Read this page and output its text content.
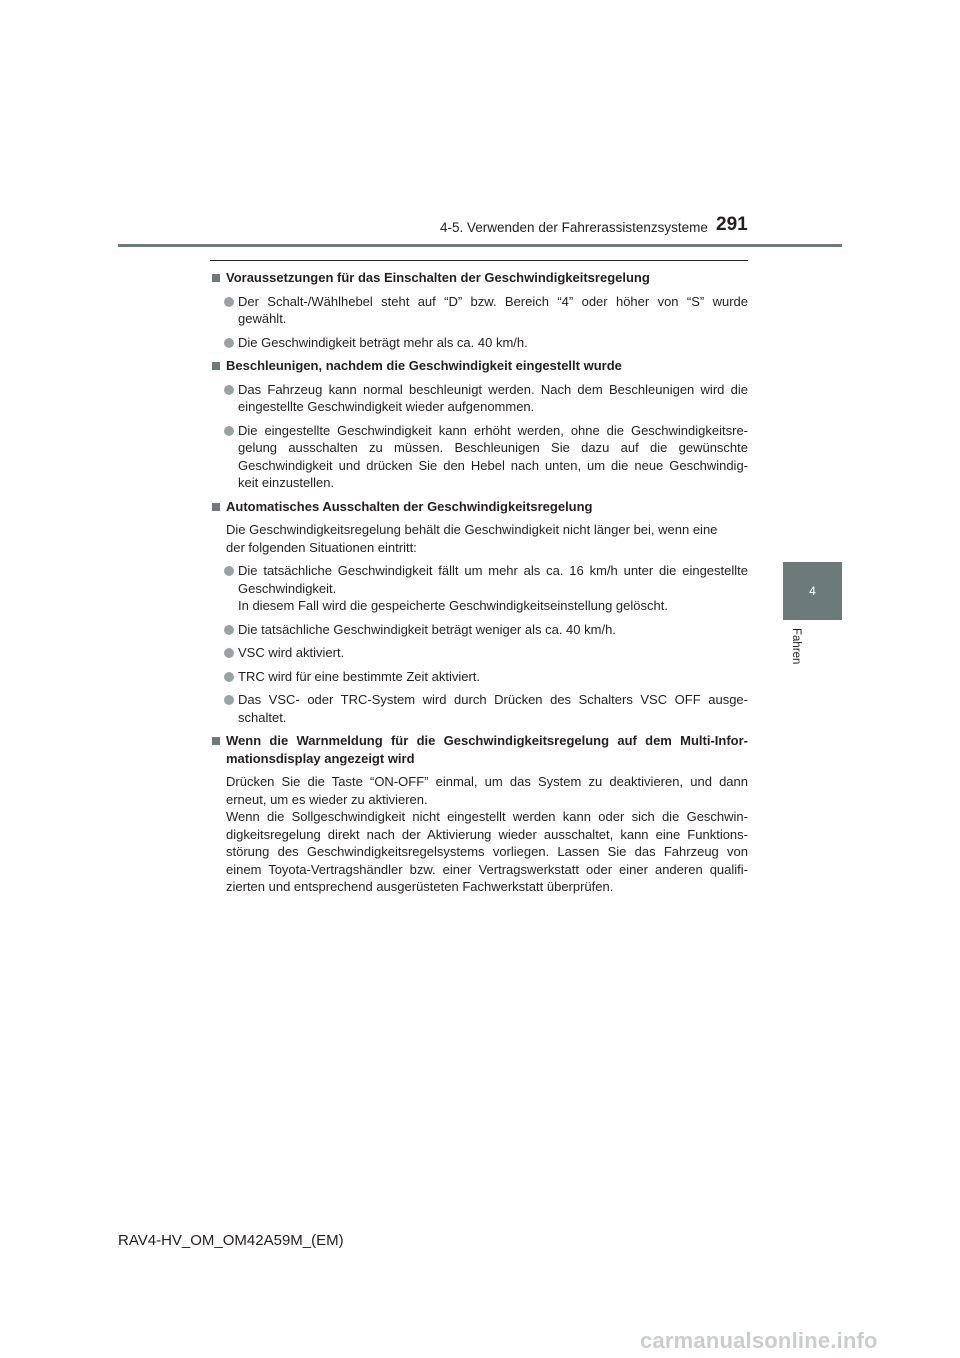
4-5. Verwenden der Fahrerassistenzsysteme 291
4
Fahren
Voraussetzungen für das Einschalten der Geschwindigkeitsregelung
Der Schalt-/Wählhebel steht auf “D” bzw. Bereich “4” oder höher von “S” wurde
gewählt.
Die Geschwindigkeit beträgt mehr als ca. 40 km/h.
Beschleunigen, nachdem die Geschwindigkeit eingestellt wurde
Das Fahrzeug kann normal beschleunigt werden. Nach dem Beschleunigen wird die
eingestellte Geschwindigkeit wieder aufgenommen.
Die eingestellte Geschwindigkeit kann erhöht werden, ohne die Geschwindigkeitsre-
gelung ausschalten zu müssen. Beschleunigen Sie dazu auf die gewünschte
Geschwindigkeit und drücken Sie den Hebel nach unten, um die neue Geschwindig-
keit einzustellen.
Automatisches Ausschalten der Geschwindigkeitsregelung
Die Geschwindigkeitsregelung behält die Geschwindigkeit nicht länger bei, wenn eine
der folgenden Situationen eintritt:
Die tatsächliche Geschwindigkeit fällt um mehr als ca. 16 km/h unter die eingestellte
Geschwindigkeit.
In diesem Fall wird die gespeicherte Geschwindigkeitseinstellung gelöscht.
Die tatsächliche Geschwindigkeit beträgt weniger als ca. 40 km/h.
VSC wird aktiviert.
TRC wird für eine bestimmte Zeit aktiviert.
Das VSC- oder TRC-System wird durch Drücken des Schalters VSC OFF ausge-
schaltet.
Wenn die Warnmeldung für die Geschwindigkeitsregelung auf dem Multi-Infor-
mationsdisplay angezeigt wird
Drücken Sie die Taste “ON-OFF” einmal, um das System zu deaktivieren, und dann
erneut, um es wieder zu aktivieren.
Wenn die Sollgeschwindigkeit nicht eingestellt werden kann oder sich die Geschwin-
digkeitsregelung direkt nach der Aktivierung wieder ausschaltet, kann eine Funktions-
störung des Geschwindigkeitsregelsystems vorliegen. Lassen Sie das Fahrzeug von
einem Toyota-Vertragshändler bzw. einer Vertragswerkstatt oder einer anderen qualifi-
zierten und entsprechend ausgerüsteten Fachwerkstatt überprüfen.
RAV4-HV_OM_OM42A59M_(EM)
carmanualsonline.info
